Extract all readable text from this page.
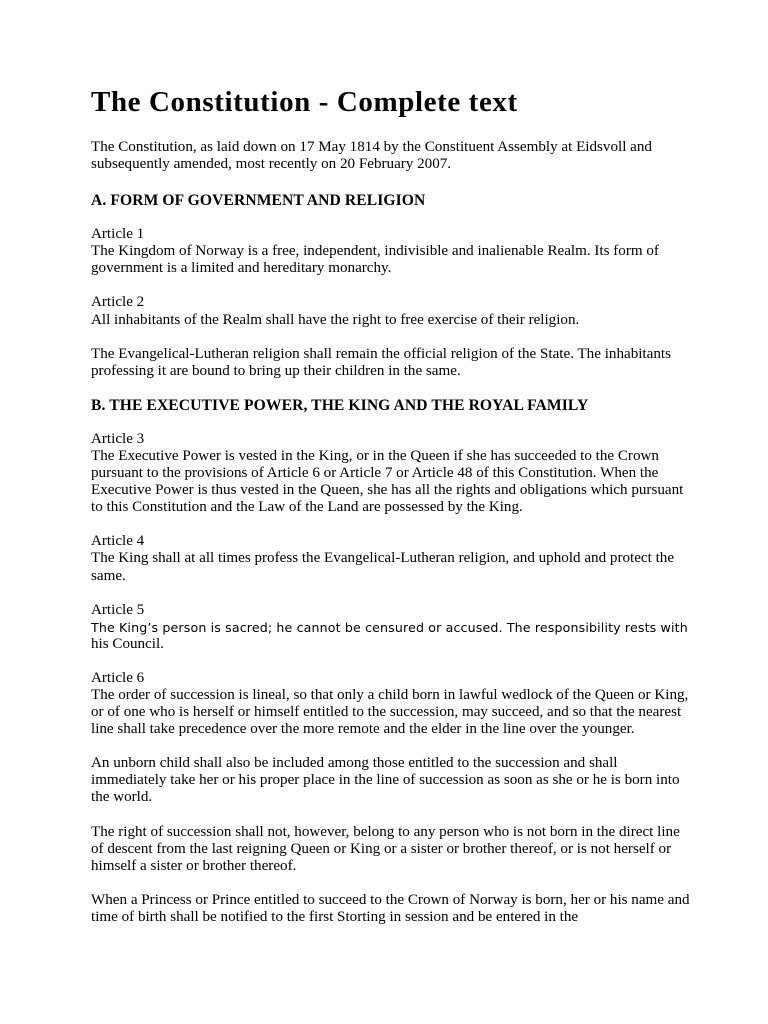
The Constitution - Complete text

The Constitution, as laid down on 17 May 1814 by the Constituent Assembly at Eidsvoll and subsequently amended, most recently on 20 February 2007.

A. FORM OF GOVERNMENT AND RELIGION

Article 1
The Kingdom of Norway is a free, independent, indivisible and inalienable Realm. Its form of government is a limited and hereditary monarchy.

Article 2
All inhabitants of the Realm shall have the right to free exercise of their religion.

The Evangelical-Lutheran religion shall remain the official religion of the State. The inhabitants professing it are bound to bring up their children in the same.

B. THE EXECUTIVE POWER, THE KING AND THE ROYAL FAMILY

Article 3
The Executive Power is vested in the King, or in the Queen if she has succeeded to the Crown pursuant to the provisions of Article 6 or Article 7 or Article 48 of this Constitution. When the Executive Power is thus vested in the Queen, she has all the rights and obligations which pursuant to this Constitution and the Law of the Land are possessed by the King.

Article 4
The King shall at all times profess the Evangelical-Lutheran religion, and uphold and protect the same.

Article 5
The King’s person is sacred; he cannot be censured or accused. The responsibility rests with
his Council.

Article 6
The order of succession is lineal, so that only a child born in lawful wedlock of the Queen or King, or of one who is herself or himself entitled to the succession, may succeed, and so that the nearest line shall take precedence over the more remote and the elder in the line over the younger.

An unborn child shall also be included among those entitled to the succession and shall immediately take her or his proper place in the line of succession as soon as she or he is born into the world.

The right of succession shall not, however, belong to any person who is not born in the direct line of descent from the last reigning Queen or King or a sister or brother thereof, or is not herself or himself a sister or brother thereof.

When a Princess or Prince entitled to succeed to the Crown of Norway is born, her or his name and time of birth shall be notified to the first Storting in session and be entered in the
